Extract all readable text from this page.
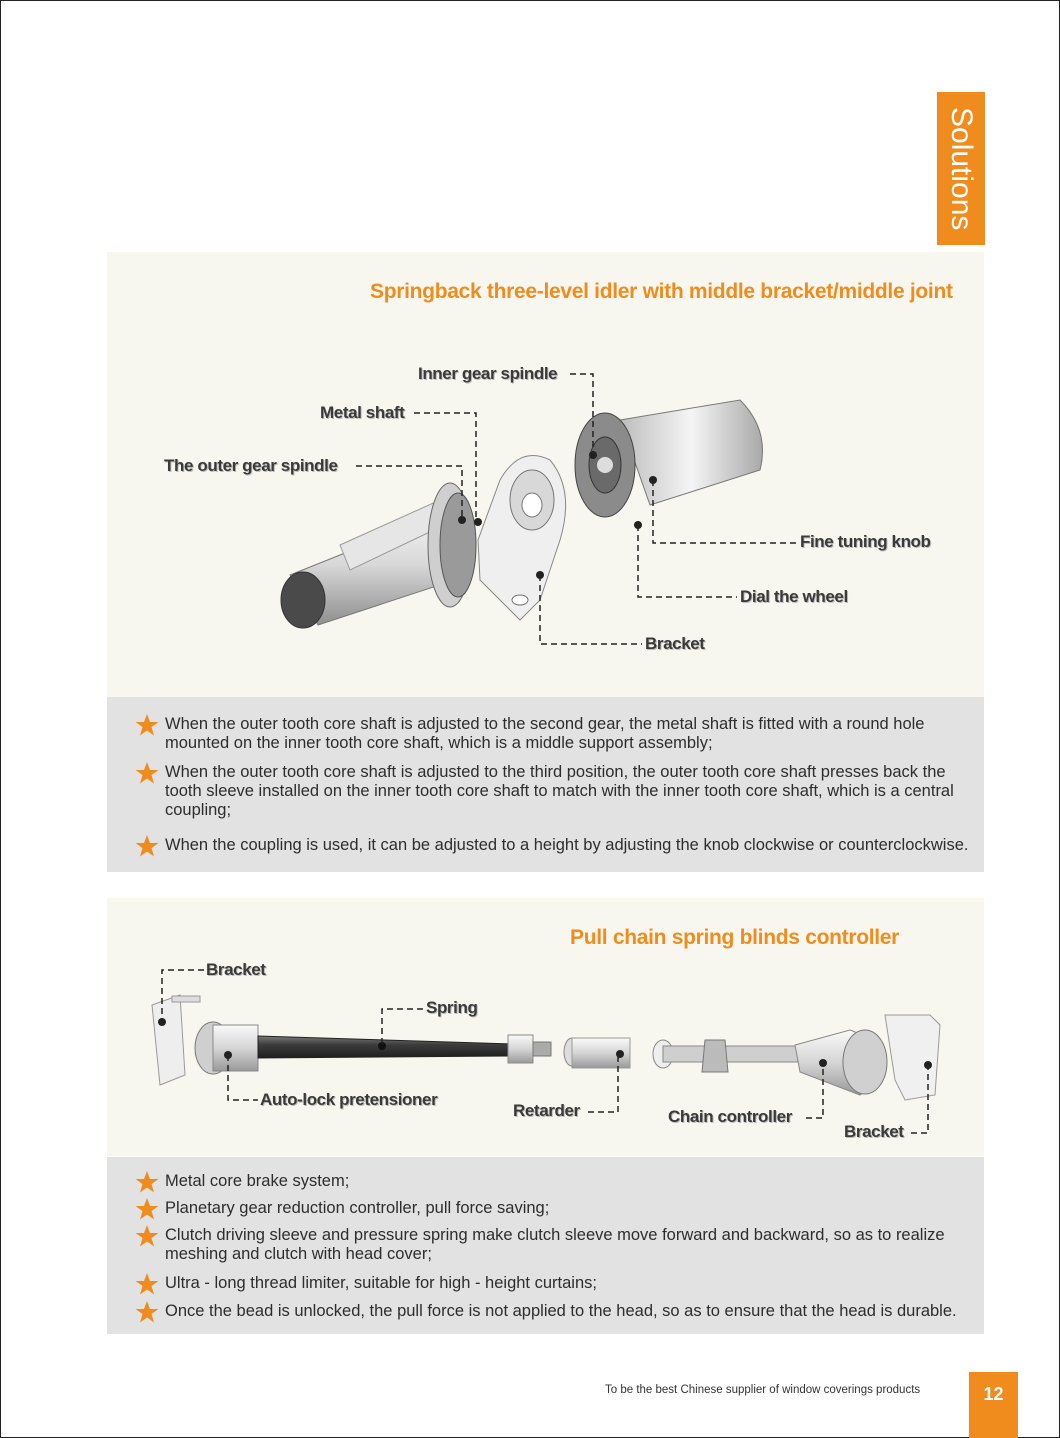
Solutions
Springback three-level idler with middle bracket/middle joint
Inner gear spindle
Metal shaft
The outer gear spindle
Fine tuning knob
Dial the wheel
Bracket
When the outer tooth core shaft is adjusted to the second gear, the metal shaft is fitted with a round hole mounted on the inner tooth core shaft, which is a middle support assembly;
When the outer tooth core shaft is adjusted to the third position, the outer tooth core shaft presses back the tooth sleeve installed on the inner tooth core shaft to match with the inner tooth core shaft, which is a central coupling;
When the coupling is used, it can be adjusted to a height by adjusting the knob clockwise or counterclockwise.
Pull chain spring blinds controller
Bracket
Spring
Auto-lock pretensioner
Retarder	Chain controller
Bracket
Metal core brake system;
Planetary gear reduction controller, pull force saving;
Clutch driving sleeve and pressure spring make clutch sleeve move forward and backward, so as to realize meshing and clutch with head cover;
Ultra - long thread limiter, suitable for high - height curtains;
Once the bead is unlocked, the pull force is not applied to the head, so as to ensure that the head is durable.
To be the best Chinese supplier of window coverings products	12
